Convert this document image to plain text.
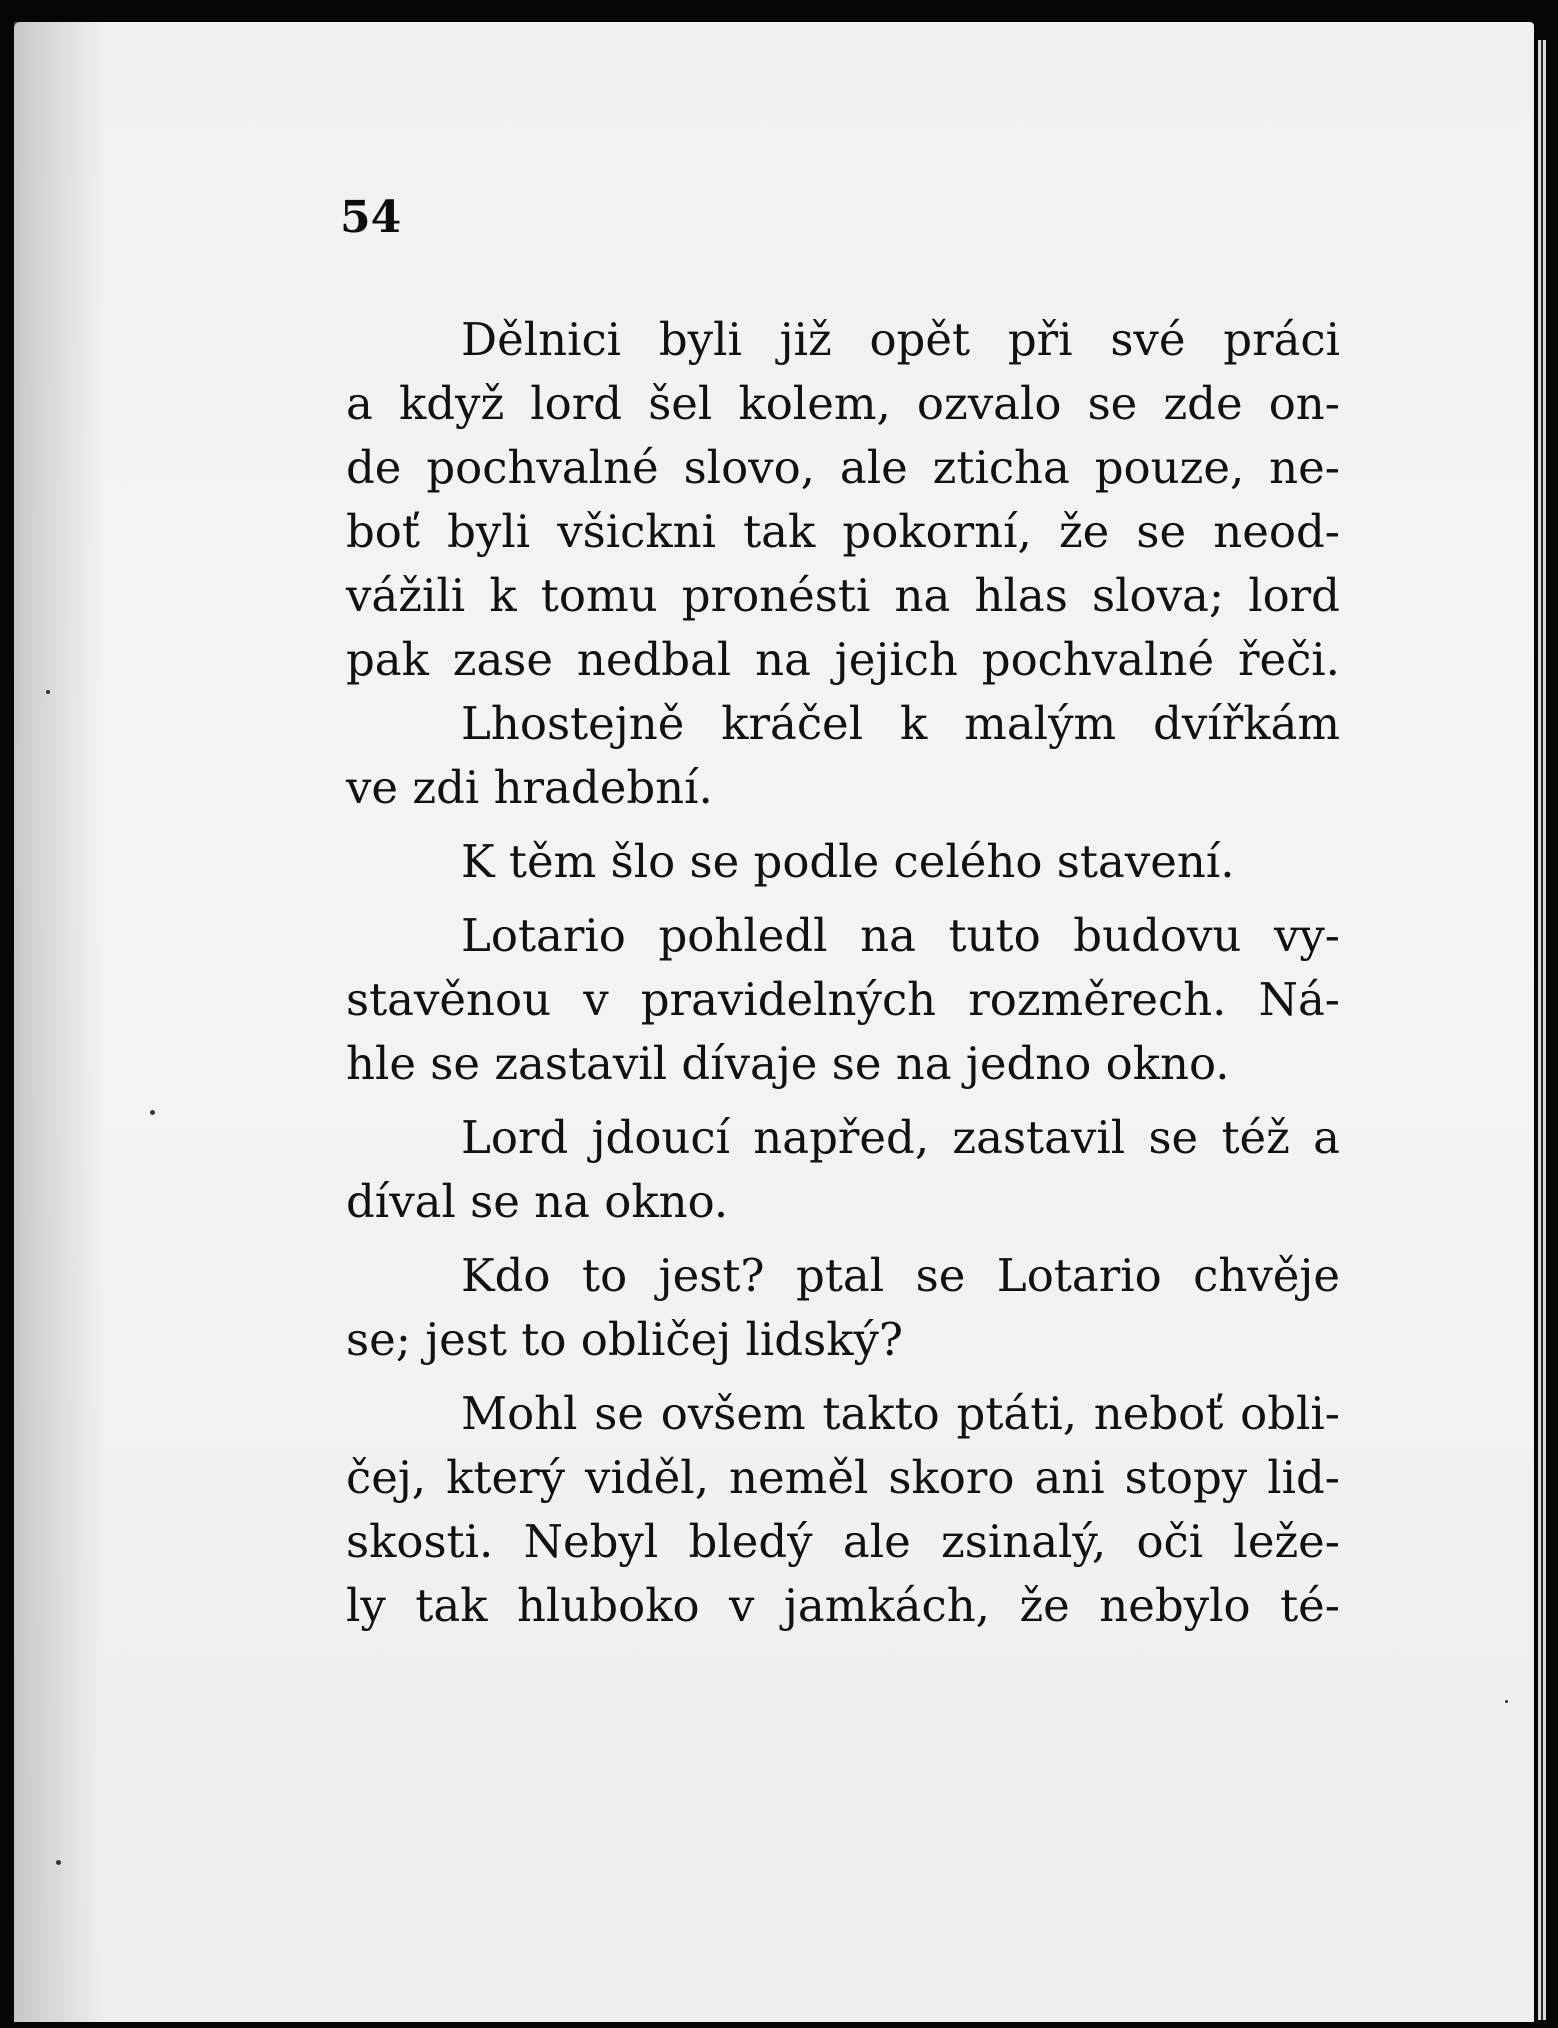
54
Dělnici byli již opět při své práci
a když lord šel kolem, ozvalo se zde on-
de pochvalné slovo, ale zticha pouze, ne-
boť byli všickni tak pokorní, že se neod-
vážili k tomu pronésti na hlas slova; lord
pak zase nedbal na jejich pochvalné řeči.
Lhostejně kráčel k malým dvířkám
ve zdi hradební.
K těm šlo se podle celého stavení.
Lotario pohledl na tuto budovu vy-
stavěnou v pravidelných rozměrech. Ná-
hle se zastavil dívaje se na jedno okno.
Lord jdoucí napřed, zastavil se též a
díval se na okno.
Kdo to jest? ptal se Lotario chvěje
se; jest to obličej lidský?
Mohl se ovšem takto ptáti, neboť obli-
čej, který viděl, neměl skoro ani stopy lid-
skosti. Nebyl bledý ale zsinalý, oči leže-
ly tak hluboko v jamkách, že nebylo té-
